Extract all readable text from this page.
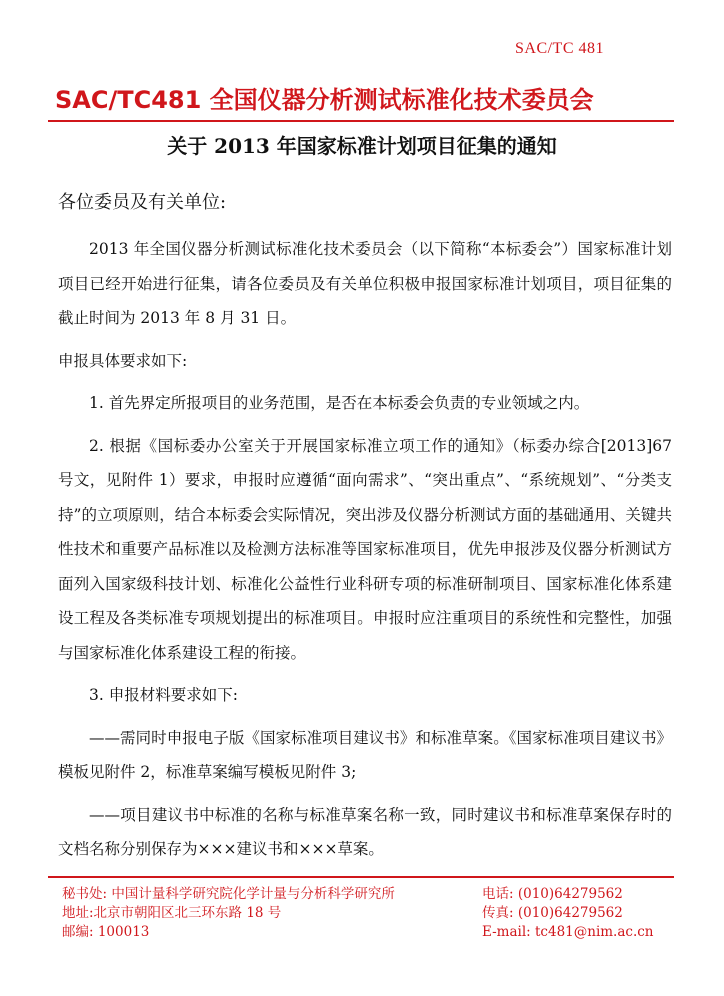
SAC/TC 481
SAC/TC481 全国仪器分析测试标准化技术委员会
关于 2013 年国家标准计划项目征集的通知
各位委员及有关单位:

2013 年全国仪器分析测试标准化技术委员会（以下简称“本标委会”）国家标准计划项目已经开始进行征集，请各位委员及有关单位积极申报国家标准计划项目，项目征集的截止时间为 2013 年 8 月 31 日。

申报具体要求如下:

1. 首先界定所报项目的业务范围，是否在本标委会负责的专业领域之内。

2. 根据《国标委办公室关于开展国家标准立项工作的通知》（标委办综合[2013]67 号文，见附件 1）要求，申报时应遵循“面向需求”、“突出重点”、“系统规划”、“分类支持”的立项原则，结合本标委会实际情况，突出涉及仪器分析测试方面的基础通用、关键共性技术和重要产品标准以及检测方法标准等国家标准项目，优先申报涉及仪器分析测试方面列入国家级科技计划、标准化公益性行业科研专项的标准研制项目、国家标准化体系建设工程及各类标准专项规划提出的标准项目。申报时应注重项目的系统性和完整性，加强与国家标准化体系建设工程的衔接。

3. 申报材料要求如下:

——需同时申报电子版《国家标准项目建议书》和标准草案。《国家标准项目建议书》模板见附件 2，标准草案编写模板见附件 3;

——项目建议书中标准的名称与标准草案名称一致，同时建议书和标准草案保存时的文档名称分别保存为×××建议书和×××草案。

秘书处: 中国计量科学研究院化学计量与分析科学研究所
地址:北京市朝阳区北三环东路 18 号
邮编: 100013
电话: (010)64279562
传真: (010)64279562
E-mail: tc481@nim.ac.cn
